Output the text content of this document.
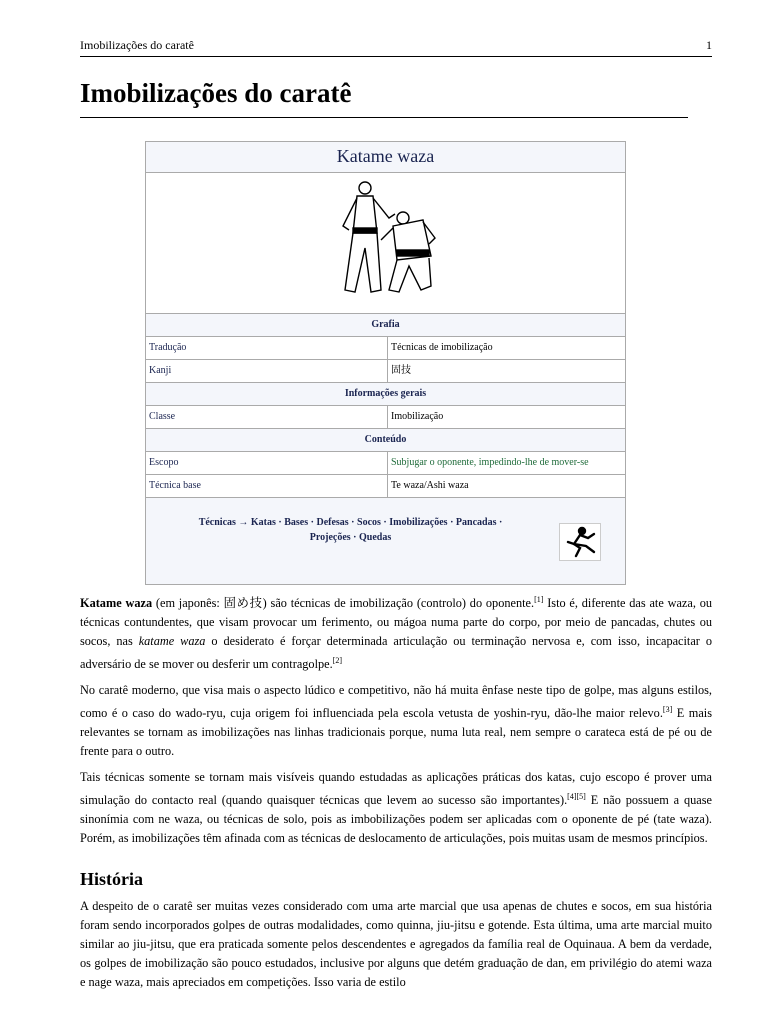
Imobilizações do caratê	1
Imobilizações do caratê
Katame waza
Grafia
Tradução	Técnicas de imobilização
Kanji	固技
Informações gerais
Classe	Imobilização
Conteúdo
Escopo	Subjugar o oponente, impedindo-lhe de mover-se
Técnica base	Te waza/Ashi waza
Técnicas → Katas · Bases · Defesas · Socos · Imobilizações · Pancadas ·
Projeções · Quedas

Katame waza (em japonês: 固め技) são técnicas de imobilização (controlo) do oponente.[1] Isto é, diferente das ate waza, ou técnicas contundentes, que visam provocar um ferimento, ou mágoa numa parte do corpo, por meio de pancadas, chutes ou socos, nas katame waza o desiderato é forçar determinada articulação ou terminação nervosa e, com isso, incapacitar o adversário de se mover ou desferir um contragolpe.[2]

No caratê moderno, que visa mais o aspecto lúdico e competitivo, não há muita ênfase neste tipo de golpe, mas alguns estilos, como é o caso do wado-ryu, cuja origem foi influenciada pela escola vetusta de yoshin-ryu, dão-lhe maior relevo.[3] E mais relevantes se tornam as imobilizações nas linhas tradicionais porque, numa luta real, nem sempre o carateca está de pé ou de frente para o outro.

Tais técnicas somente se tornam mais visíveis quando estudadas as aplicações práticas dos katas, cujo escopo é prover uma simulação do contacto real (quando quaisquer técnicas que levem ao sucesso são importantes).[4][5] E não possuem a quase sinonímia com ne waza, ou técnicas de solo, pois as imbobilizações podem ser aplicadas com o oponente de pé (tate waza). Porém, as imobilizações têm afinada com as técnicas de deslocamento de articulações, pois muitas usam de mesmos princípios.

História

A despeito de o caratê ser muitas vezes considerado com uma arte marcial que usa apenas de chutes e socos, em sua história foram sendo incorporados golpes de outras modalidades, como quinna, jiu-jitsu e gotende. Esta última, uma arte marcial muito similar ao jiu-jitsu, que era praticada somente pelos descendentes e agregados da família real de Oquinaua. A bem da verdade, os golpes de imobilização são pouco estudados, inclusive por alguns que detém graduação de dan, em privilégio do atemi waza e nage waza, mais apreciados em competições. Isso varia de estilo
